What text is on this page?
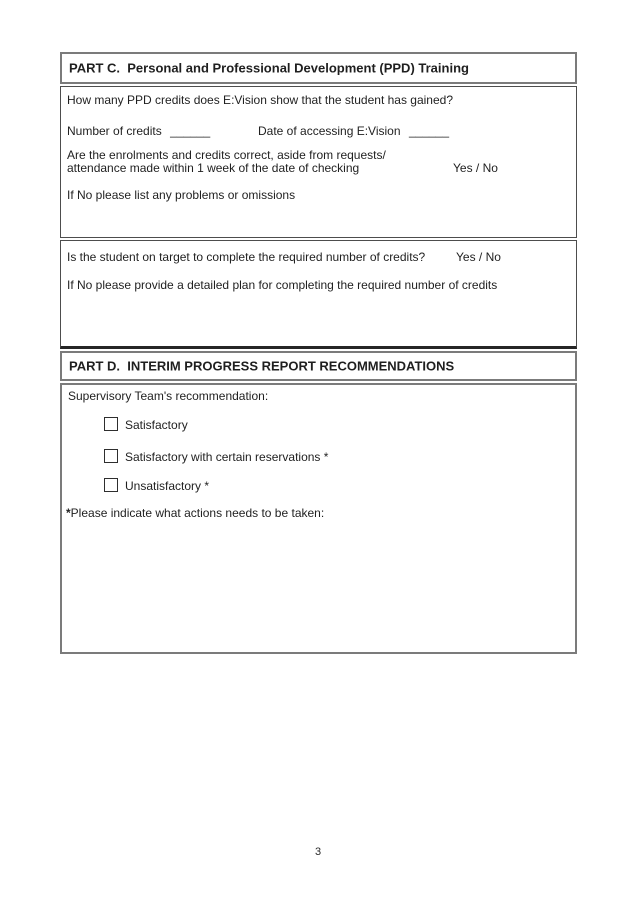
PART C.  Personal and Professional Development (PPD) Training
How many PPD credits does E:Vision show that the student has gained?
Number of credits ______	Date of accessing E:Vision ______
Are the enrolments and credits correct, aside from requests/
attendance made within 1 week of the date of checking	Yes / No
If No please list any problems or omissions
Is the student on target to complete the required number of credits?	Yes / No
If No please provide a detailed plan for completing the required number of credits
PART D.  INTERIM PROGRESS REPORT RECOMMENDATIONS
Supervisory Team's recommendation:
Satisfactory
Satisfactory with certain reservations *
Unsatisfactory *
*Please indicate what actions needs to be taken:
3
